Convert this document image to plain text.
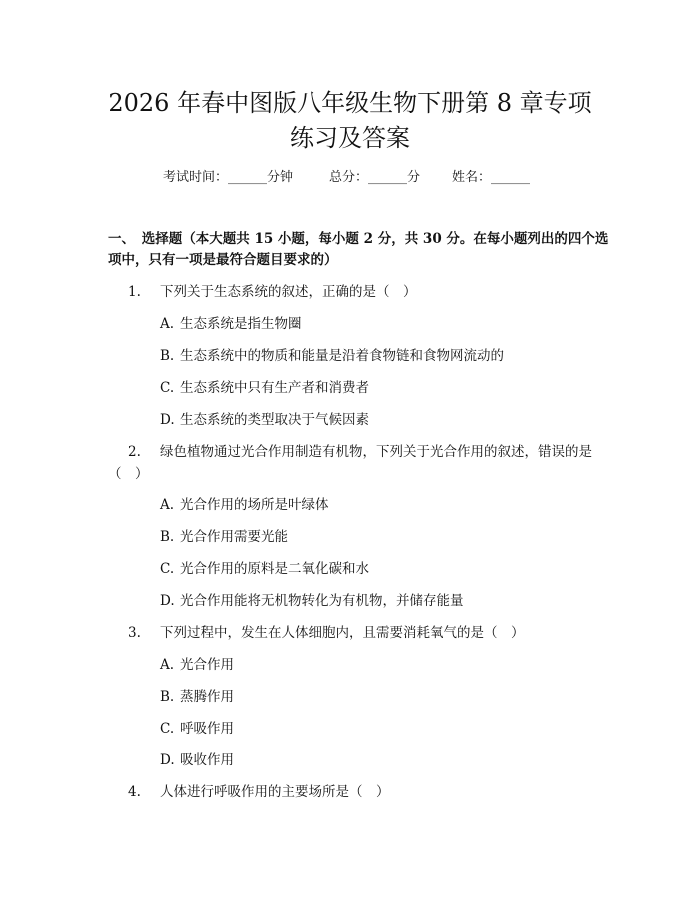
2026 年春中图版八年级生物下册第 8 章专项
练习及答案
考试时间：______分钟	总分：______分 姓名：______
一、　选择题（本大题共 15 小题，每小题 2 分，共 30 分。在每小题列出的四个选
项中，只有一项是最符合题目要求的）
1. 下列关于生态系统的叙述，正确的是（　）
A. 生态系统是指生物圈
B. 生态系统中的物质和能量是沿着食物链和食物网流动的
C. 生态系统中只有生产者和消费者
D. 生态系统的类型取决于气候因素
2. 绿色植物通过光合作用制造有机物，下列关于光合作用的叙述，错误的是
（　）
A. 光合作用的场所是叶绿体
B. 光合作用需要光能
C. 光合作用的原料是二氧化碳和水
D. 光合作用能将无机物转化为有机物，并储存能量
3. 下列过程中，发生在人体细胞内，且需要消耗氧气的是（　）
A. 光合作用
B. 蒸腾作用
C. 呼吸作用
D. 吸收作用
4. 人体进行呼吸作用的主要场所是（　）
